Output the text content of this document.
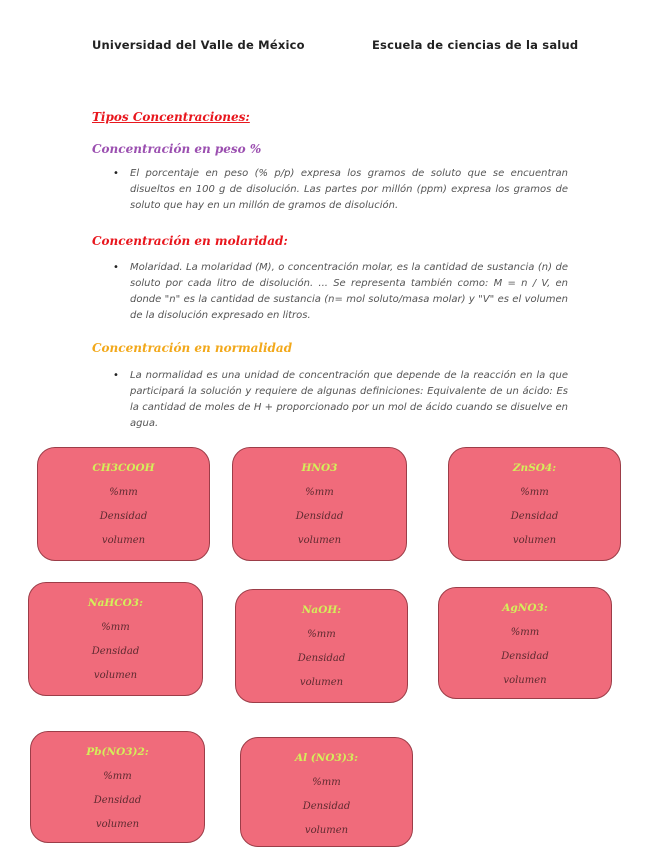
Universidad del Valle de México	Escuela de ciencias de la salud
Tipos Concentraciones:
Concentración en peso %
• El porcentaje en peso (% p/p) expresa los gramos de soluto que se encuentran disueltos en 100 g de disolución. Las partes por millón (ppm) expresa los gramos de soluto que hay en un millón de gramos de disolución.
Concentración en molaridad:
• Molaridad. La molaridad (M), o concentración molar, es la cantidad de sustancia (n) de soluto por cada litro de disolución. ... Se representa también como: M = n / V, en donde "n" es la cantidad de sustancia (n= mol soluto/masa molar) y "V" es el volumen de la disolución expresado en litros.
Concentración en normalidad
• La normalidad es una unidad de concentración que depende de la reacción en la que participará la solución y requiere de algunas definiciones: Equivalente de un ácido: Es la cantidad de moles de H + proporcionado por un mol de ácido cuando se disuelve en agua.
CH3COOH
%mm
Densidad
volumen
HNO3
%mm
Densidad
volumen
ZnSO4:
%mm
Densidad
volumen
NaHCO3:
%mm
Densidad
volumen
NaOH:
%mm
Densidad
volumen
AgNO3:
%mm
Densidad
volumen
Pb(NO3)2:
%mm
Densidad
volumen
Al (NO3)3:
%mm
Densidad
volumen
